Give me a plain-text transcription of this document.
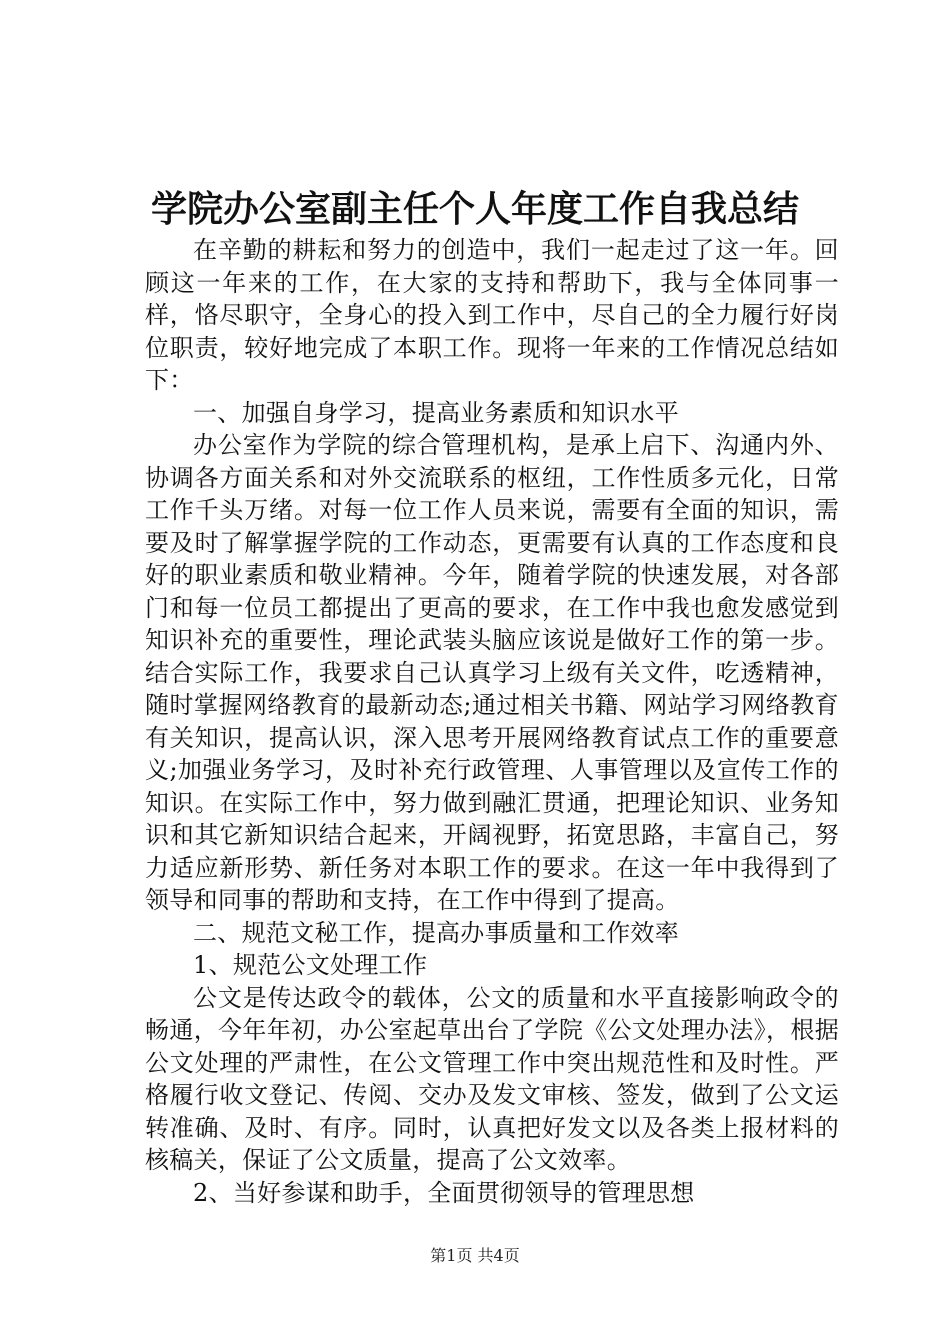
学院办公室副主任个人年度工作自我总结

在辛勤的耕耘和努力的创造中，我们一起走过了这一年。回顾这一年来的工作，在大家的支持和帮助下，我与全体同事一样，恪尽职守，全身心的投入到工作中，尽自己的全力履行好岗位职责，较好地完成了本职工作。现将一年来的工作情况总结如下：

一、加强自身学习，提高业务素质和知识水平

办公室作为学院的综合管理机构，是承上启下、沟通内外、协调各方面关系和对外交流联系的枢纽，工作性质多元化，日常工作千头万绪。对每一位工作人员来说，需要有全面的知识，需要及时了解掌握学院的工作动态，更需要有认真的工作态度和良好的职业素质和敬业精神。今年，随着学院的快速发展，对各部门和每一位员工都提出了更高的要求，在工作中我也愈发感觉到知识补充的重要性，理论武装头脑应该说是做好工作的第一步。结合实际工作，我要求自己认真学习上级有关文件，吃透精神，随时掌握网络教育的最新动态;通过相关书籍、网站学习网络教育有关知识，提高认识，深入思考开展网络教育试点工作的重要意义;加强业务学习，及时补充行政管理、人事管理以及宣传工作的知识。在实际工作中，努力做到融汇贯通，把理论知识、业务知识和其它新知识结合起来，开阔视野，拓宽思路，丰富自己，努力适应新形势、新任务对本职工作的要求。在这一年中我得到了领导和同事的帮助和支持，在工作中得到了提高。

二、规范文秘工作，提高办事质量和工作效率

1、规范公文处理工作

公文是传达政令的载体，公文的质量和水平直接影响政令的畅通，今年年初，办公室起草出台了学院《公文处理办法》，根据公文处理的严肃性，在公文管理工作中突出规范性和及时性。严格履行收文登记、传阅、交办及发文审核、签发，做到了公文运转准确、及时、有序。同时，认真把好发文以及各类上报材料的核稿关，保证了公文质量，提高了公文效率。

2、当好参谋和助手，全面贯彻领导的管理思想

第1页 共4页
